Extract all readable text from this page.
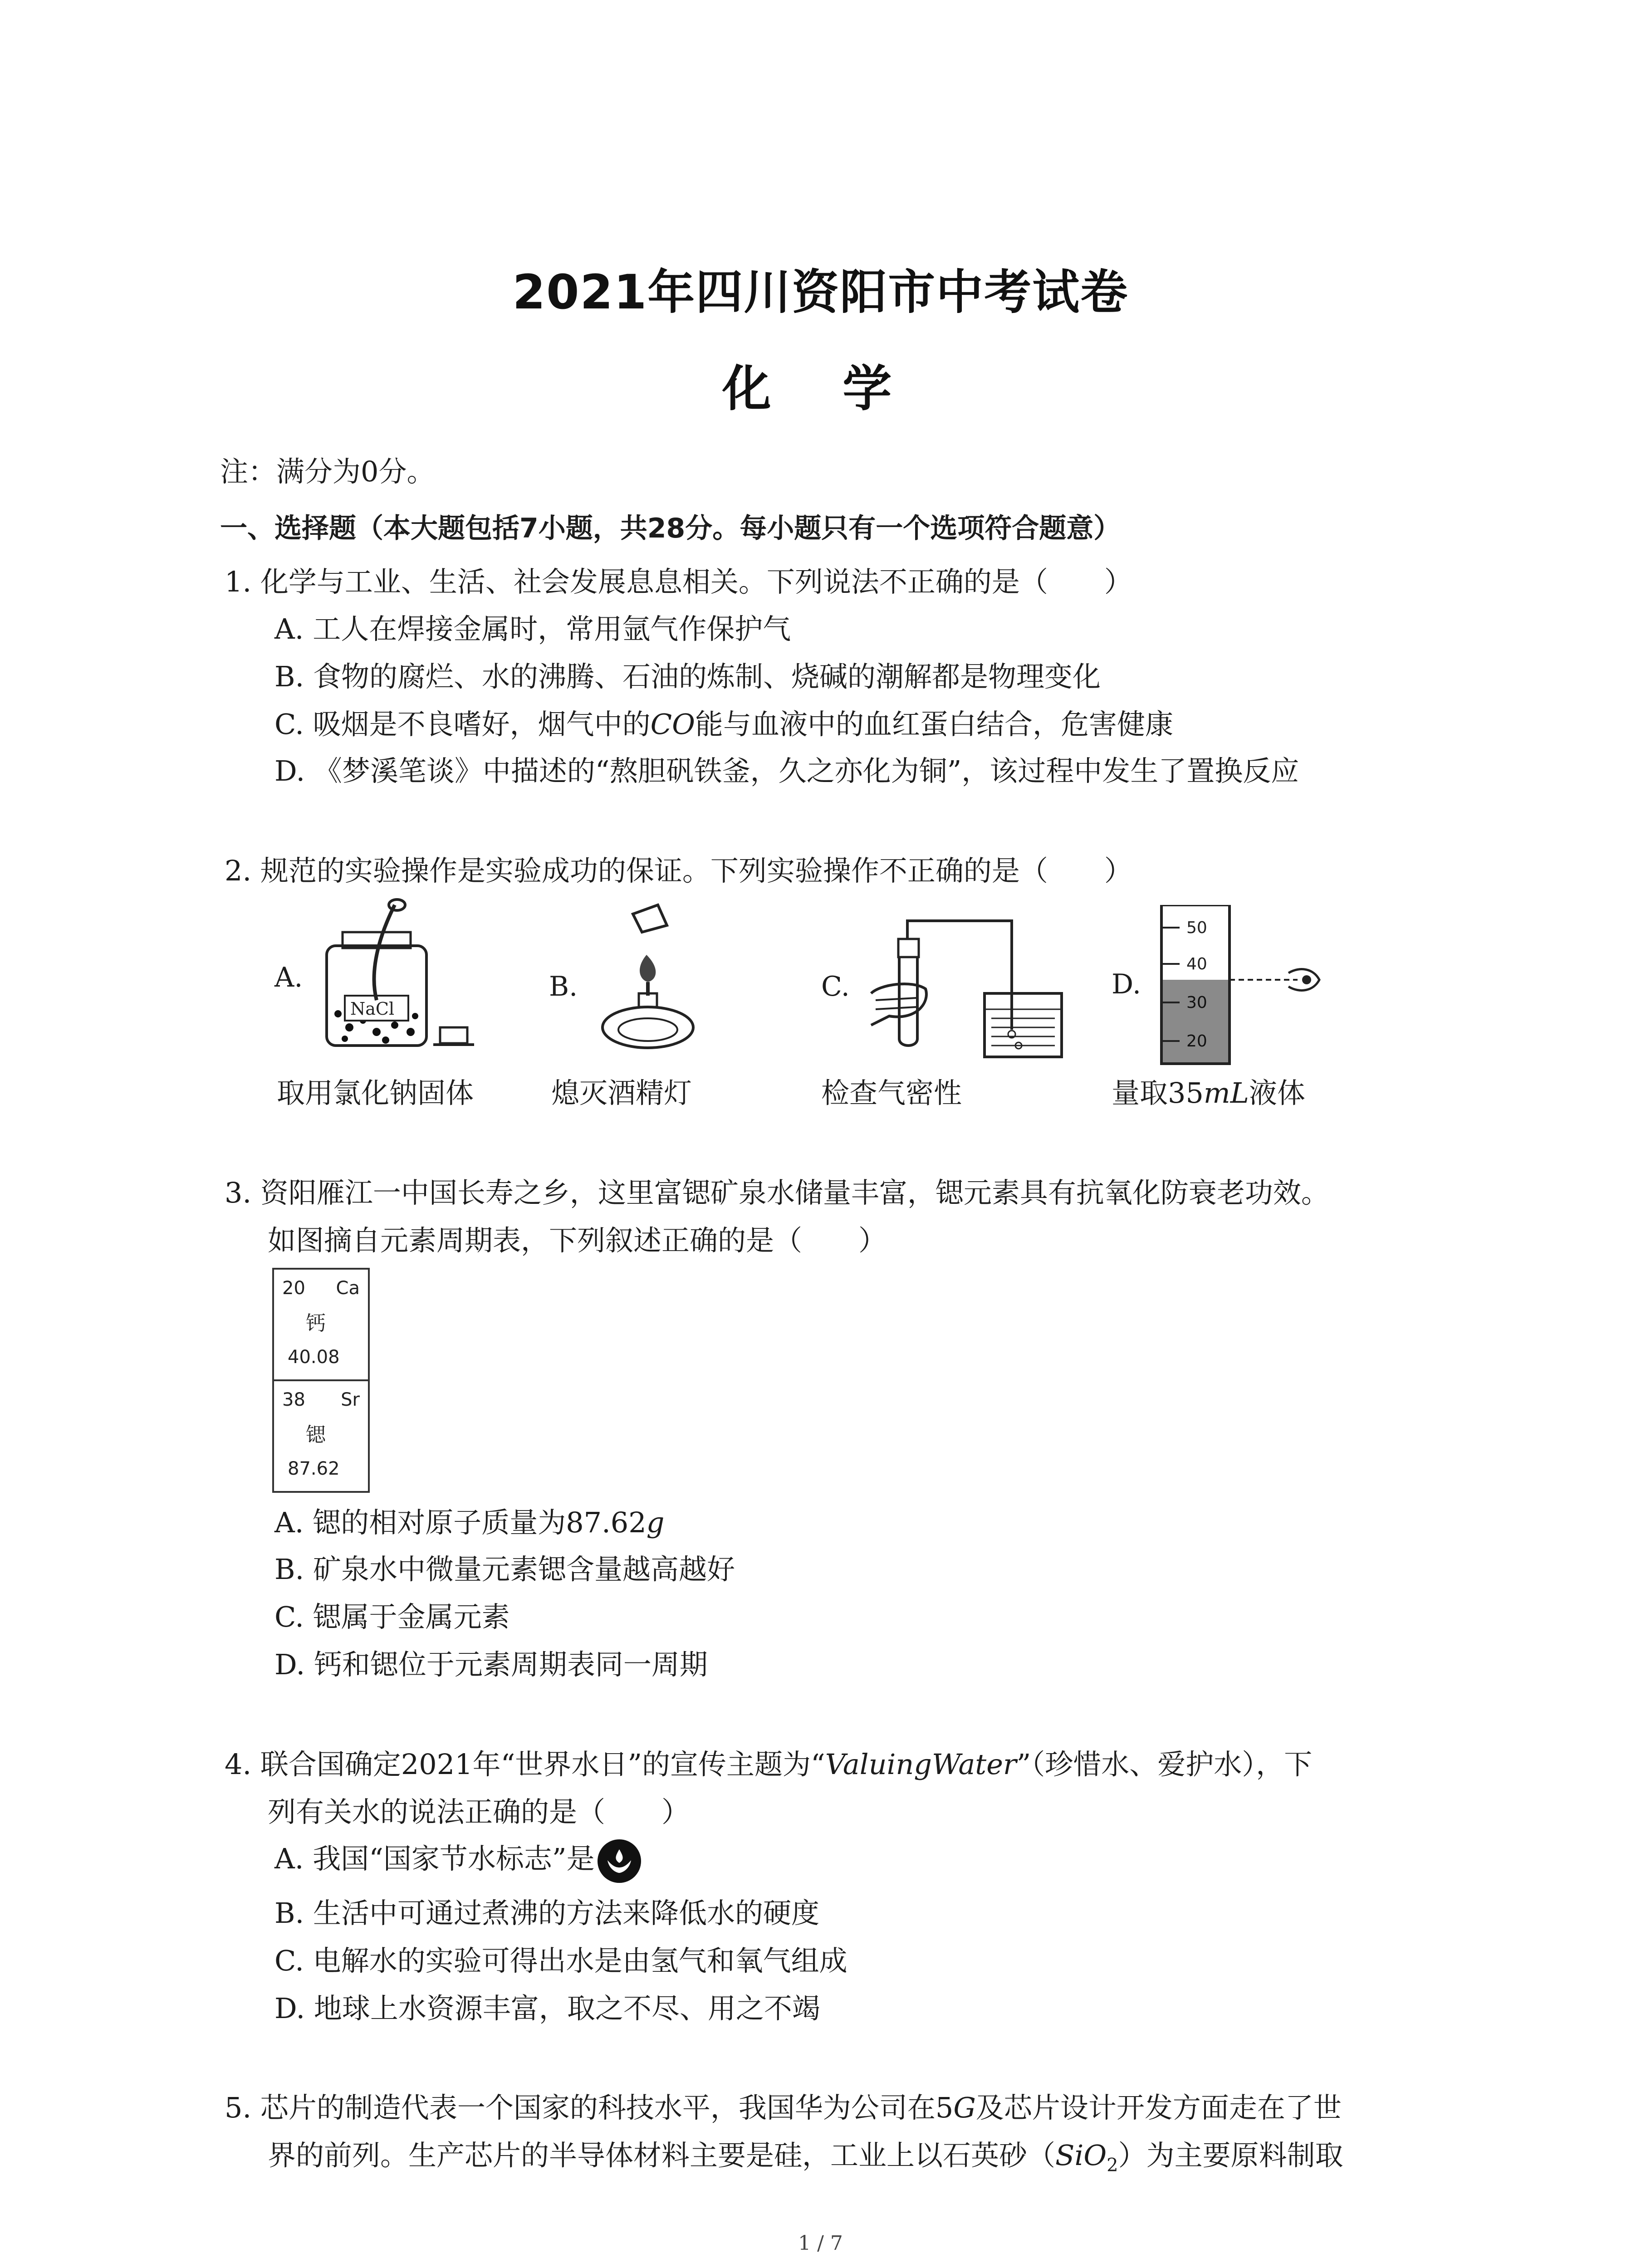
2021年四川资阳市中考试卷
化 学
注：满分为0分。
一、选择题（本大题包括7小题，共28分。每小题只有一个选项符合题意）
1. 化学与工业、生活、社会发展息息相关。下列说法不正确的是（　　）
A. 工人在焊接金属时，常用氩气作保护气
B. 食物的腐烂、水的沸腾、石油的炼制、烧碱的潮解都是物理变化
C. 吸烟是不良嗜好，烟气中的CO能与血液中的血红蛋白结合，危害健康
D. 《梦溪笔谈》中描述的“熬胆矾铁釜，久之亦化为铜”，该过程中发生了置换反应
2. 规范的实验操作是实验成功的保证。下列实验操作不正确的是（　　）
A.
NaCl
取用氯化钠固体
B.
熄灭酒精灯
C.
检查气密性
D.
50
40
30
20
量取35mL液体
3. 资阳雁江一中国长寿之乡，这里富锶矿泉水储量丰富，锶元素具有抗氧化防衰老功效。
如图摘自元素周期表，下列叙述正确的是（　　）
20 Ca
钙
40.08
38 Sr
锶
87.62
A. 锶的相对原子质量为87.62g
B. 矿泉水中微量元素锶含量越高越好
C. 锶属于金属元素
D. 钙和锶位于元素周期表同一周期
4. 联合国确定2021年“世界水日”的宣传主题为“ValuingWater”（珍惜水、爱护水），下
列有关水的说法正确的是（　　）
A. 我国“国家节水标志”是
B. 生活中可通过煮沸的方法来降低水的硬度
C. 电解水的实验可得出水是由氢气和氧气组成
D. 地球上水资源丰富，取之不尽、用之不竭
5. 芯片的制造代表一个国家的科技水平，我国华为公司在5G及芯片设计开发方面走在了世
界的前列。生产芯片的半导体材料主要是硅，工业上以石英砂（SiO$_2$）为主要原料制取
1 / 7
